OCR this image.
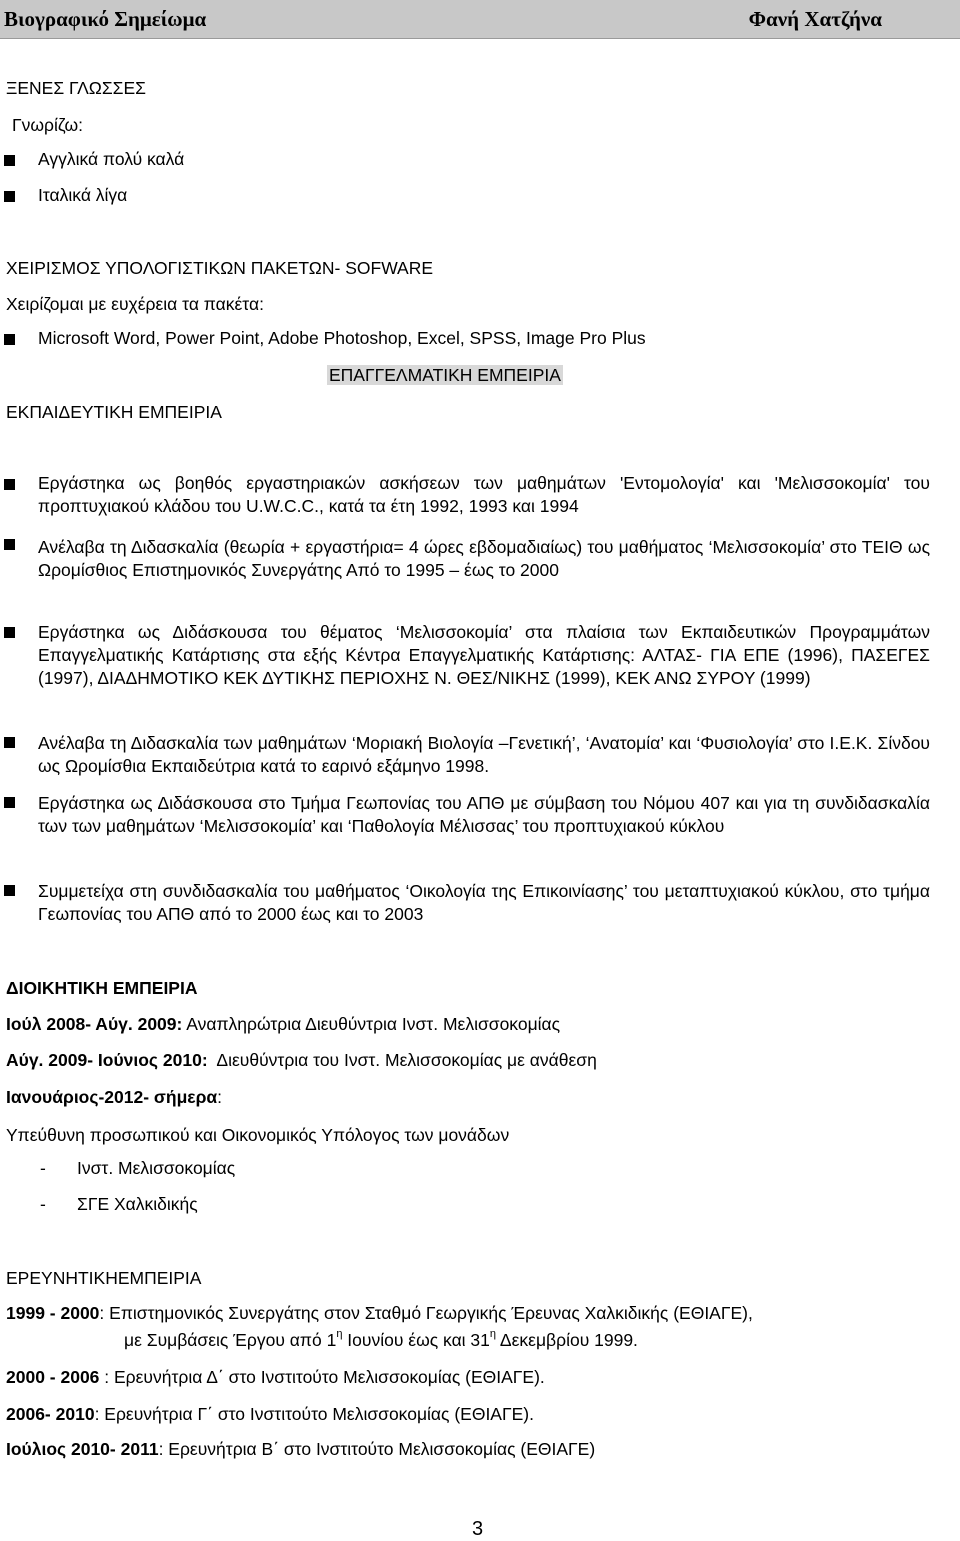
Βιογραφικό Σημείωμα	Φανή Χατζήνα
ΞΕΝΕΣ ΓΛΩΣΣΕΣ
Γνωρίζω:
Αγγλικά πολύ καλά
Ιταλικά λίγα
ΧΕΙΡΙΣΜΟΣ ΥΠΟΛΟΓΙΣΤΙΚΩΝ ΠΑΚΕΤΩΝ- SOFWARE
Χειρίζομαι με ευχέρεια τα πακέτα:
Microsoft Word, Power Point, Adobe Photoshop, Excel, SPSS, Image Pro Plus
ΕΠΑΓΓΕΛΜΑΤΙΚΗ ΕΜΠΕΙΡΙΑ
ΕΚΠΑΙΔΕΥΤΙΚΗ ΕΜΠΕΙΡΙΑ
Εργάστηκα ως βοηθός εργαστηριακών ασκήσεων των μαθημάτων 'Εντομολογία' και 'Μελισσοκομία' του προπτυχιακού κλάδου του U.W.C.C., κατά τα έτη 1992, 1993 και 1994
Ανέλαβα τη Διδασκαλία (θεωρία + εργαστήρια= 4 ώρες εβδομαδιαίως) του μαθήματος ‘Μελισσοκομία’ στο ΤΕΙΘ ως Ωρομίσθιος Επιστημονικός Συνεργάτης Από το 1995 – έως το 2000
Εργάστηκα ως Διδάσκουσα του θέματος ‘Μελισσοκομία’ στα πλαίσια των Εκπαιδευτικών Προγραμμάτων Επαγγελματικής Κατάρτισης στα εξής Κέντρα Επαγγελματικής Κατάρτισης: ΑΛΤΑΣ- ΓΙΑ ΕΠΕ (1996), ΠΑΣΕΓΕΣ (1997), ΔΙΑΔΗΜΟΤΙΚΟ ΚΕΚ ΔΥΤΙΚΗΣ ΠΕΡΙΟΧΗΣ Ν. ΘΕΣ/ΝΙΚΗΣ (1999), ΚΕΚ ΑΝΩ ΣΥΡΟΥ (1999)
Ανέλαβα τη Διδασκαλία των μαθημάτων ‘Μοριακή Βιολογία –Γενετική’, ‘Ανατομία’ και ‘Φυσιολογία’ στο Ι.Ε.Κ. Σίνδου ως Ωρομίσθια Εκπαιδεύτρια κατά το εαρινό εξάμηνο 1998.
Εργάστηκα ως Διδάσκουσα στο Τμήμα Γεωπονίας του ΑΠΘ με σύμβαση του Νόμου 407 και για τη συνδιδασκαλία των των μαθημάτων ‘Μελισσοκομία’ και ‘Παθολογία Μέλισσας’ του προπτυχιακού κύκλου
Συμμετείχα στη συνδιδασκαλία του μαθήματος ‘Οικολογία της Επικοινίασης’ του μεταπτυχιακού κύκλου, στο τμήμα Γεωπονίας του ΑΠΘ από το 2000 έως και το 2003
ΔΙΟΙΚΗΤΙΚΗ ΕΜΠΕΙΡΙΑ
Ιούλ 2008- Αύγ. 2009: Αναπληρώτρια Διευθύντρια Ινστ. Μελισσοκομίας
Αύγ. 2009- Ιούνιος 2010:  Διευθύντρια του Ινστ. Μελισσοκομίας με ανάθεση
Ιανουάριος-2012- σήμερα:
Υπεύθυνη προσωπικού και Οικονομικός Υπόλογος των μονάδων
- Ινστ. Μελισσοκομίας
- ΣΓΕ Χαλκιδικής
ΕΡΕΥΝΗΤΙΚΗΕΜΠΕΙΡΙΑ
1999 - 2000: Επιστημονικός Συνεργάτης στον Σταθμό Γεωργικής Έρευνας Χαλκιδικής (ΕΘΙΑΓΕ),
με Συμβάσεις Έργου από $1^\eta$ Ιουνίου έως και $31^\eta$ Δεκεμβρίου 1999.
2000 - 2006 : Ερευνήτρια Δ΄ στο Ινστιτούτο Μελισσοκομίας (ΕΘΙΑΓΕ).
2006- 2010: Ερευνήτρια Γ΄ στο Ινστιτούτο Μελισσοκομίας (ΕΘΙΑΓΕ).
Ιούλιος 2010- 2011: Ερευνήτρια Β΄ στο Ινστιτούτο Μελισσοκομίας (ΕΘΙΑΓΕ)
3
